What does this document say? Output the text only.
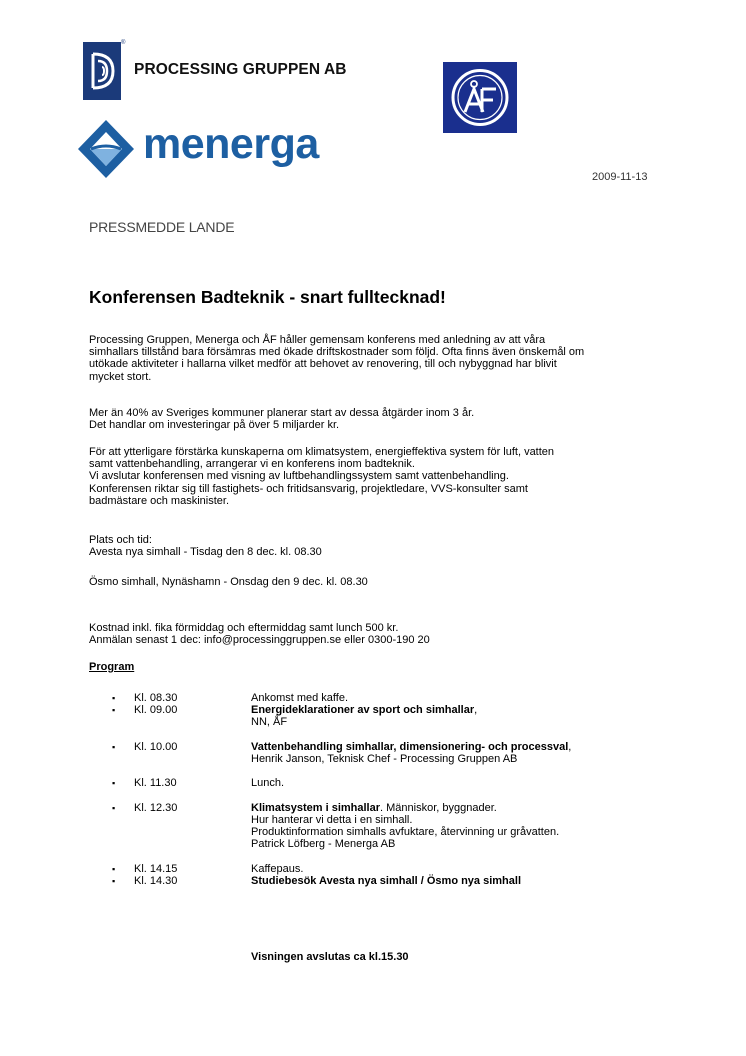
®
PROCESSING GRUPPEN AB
menerga
2009-11-13
PRESSMEDDE LANDE
Konferensen Badteknik - snart fulltecknad!

Processing Gruppen, Menerga och ÅF håller gemensam konferens med anledning av att våra

simhallars tillstånd bara försämras med ökade driftskostnader som följd. Ofta finns även önskemål om

utökade aktiviteter i hallarna vilket medför att behovet av renovering, till och nybyggnad har blivit

mycket stort.

Mer än 40% av Sveriges kommuner planerar start av dessa åtgärder inom 3 år.

Det handlar om investeringar på över 5 miljarder kr.

För att ytterligare förstärka kunskaperna om klimatsystem, energieffektiva system för luft, vatten

samt vattenbehandling, arrangerar vi en konferens inom badteknik.

Vi avslutar konferensen med visning av luftbehandlingssystem samt vattenbehandling.

Konferensen riktar sig till fastighets- och fritidsansvarig, projektledare, VVS-konsulter samt

badmästare och maskinister.

Plats och tid:

Avesta nya simhall - Tisdag den 8 dec. kl. 08.30

Ösmo simhall, Nynäshamn - Onsdag den 9 dec. kl. 08.30

Kostnad inkl. fika förmiddag och eftermiddag samt lunch 500 kr.

Anmälan senast 1 dec: info@processinggruppen.se eller 0300-190 20

Program
▪ Kl. 08.30	Ankomst med kaffe.
▪ Kl. 09.00	Energideklarationer av sport och simhallar,
NN, ÅF
▪ Kl. 10.00	Vattenbehandling simhallar, dimensionering- och processval,
Henrik Janson, Teknisk Chef - Processing Gruppen AB
▪ Kl. 11.30	Lunch.
▪ Kl. 12.30	Klimatsystem i simhallar. Människor, byggnader.
Hur hanterar vi detta i en simhall.
Produktinformation simhalls avfuktare, återvinning ur gråvatten.
Patrick Löfberg - Menerga AB
▪ Kl. 14.15	Kaffepaus.
▪ Kl. 14.30	Studiebesök Avesta nya simhall / Ösmo nya simhall
Visningen avslutas ca kl.15.30
